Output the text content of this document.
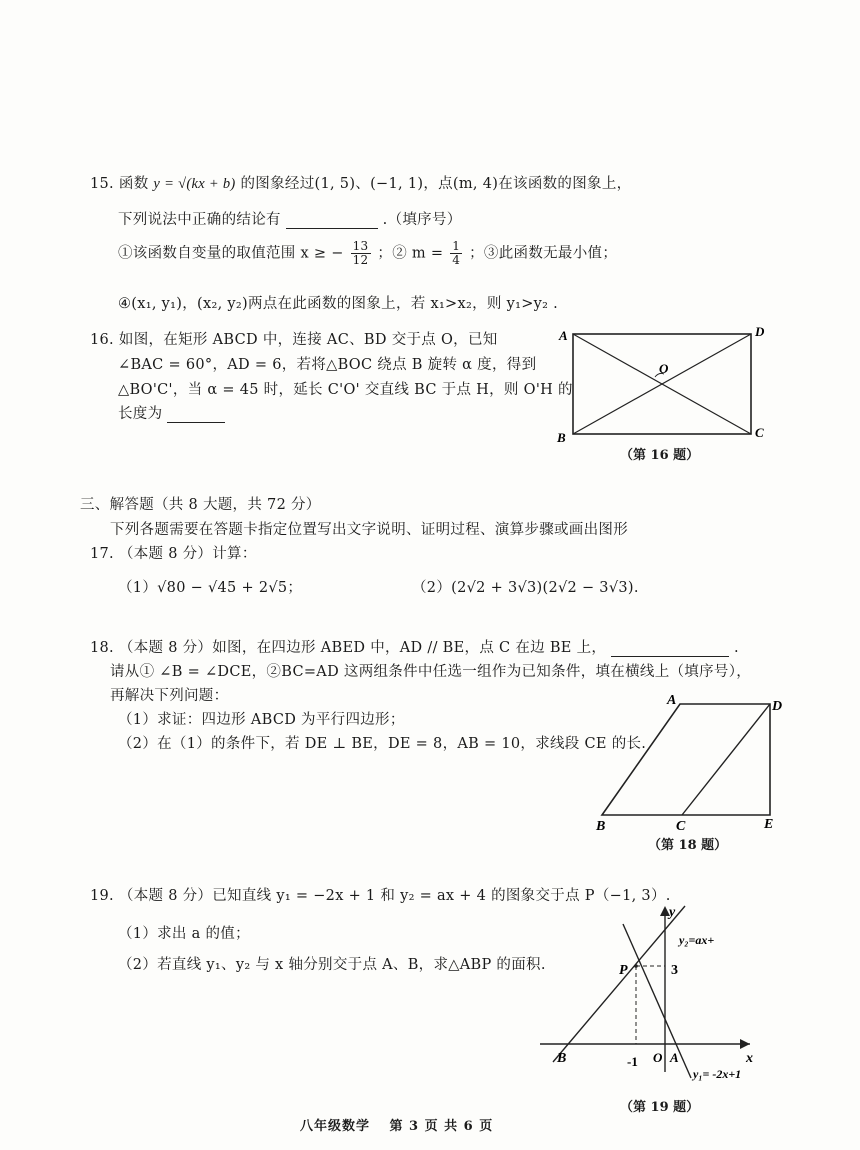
15. 函数 y = √(kx + b) 的图象经过(1, 5)、(−1, 1)，点(m, 4)在该函数的图象上，
下列说法中正确的结论有	.（填序号）
①该函数自变量的取值范围 x ≥ − $\frac{13}{12}$ ；② $m = \frac{1}{4}$ ；③此函数无最小值；
④(x₁, y₁)，(x₂, y₂)两点在此函数的图象上，若 x₁>x₂，则 y₁>y₂ .
16. 如图，在矩形 ABCD 中，连接 AC、BD 交于点 O，已知
∠BAC = 60°，AD = 6，若将△BOC 绕点 B 旋转 α 度，得到
△BO'C'，当 α = 45 时，延长 C'O' 交直线 BC 于点 H，则 O'H 的
长度为
A	D
B	C
O
（第 16 题）
三、解答题（共 8 大题，共 72 分）
下列各题需要在答题卡指定位置写出文字说明、证明过程、演算步骤或画出图形
17. （本题 8 分）计算：
（1）√80 − √45 + 2√5；	（2）(2√2 + 3√3)(2√2 − 3√3).
18. （本题 8 分）如图，在四边形 ABED 中，AD // BE，点 C 在边 BE 上，	.
请从① ∠B = ∠DCE，②BC=AD 这两组条件中任选一组作为已知条件，填在横线上（填序号），
再解决下列问题：
（1）求证：四边形 ABCD 为平行四边形；
（2）在（1）的条件下，若 DE ⊥ BE，DE = 8，AB = 10，求线段 CE 的长.
A	D
B	C	E
（第 18 题）
19. （本题 8 分）已知直线 y₁ = −2x + 1 和 y₂ = ax + 4 的图象交于点 P（−1, 3）.
（1）求出 a 的值；
（2）若直线 y₁、y₂ 与 x 轴分别交于点 A、B，求△ABP 的面积.
y
x
y₂=ax+
P	3
B	-1 O A
y₁= -2x+1
（第 19 题）
八年级数学　 第 3 页 共 6 页
